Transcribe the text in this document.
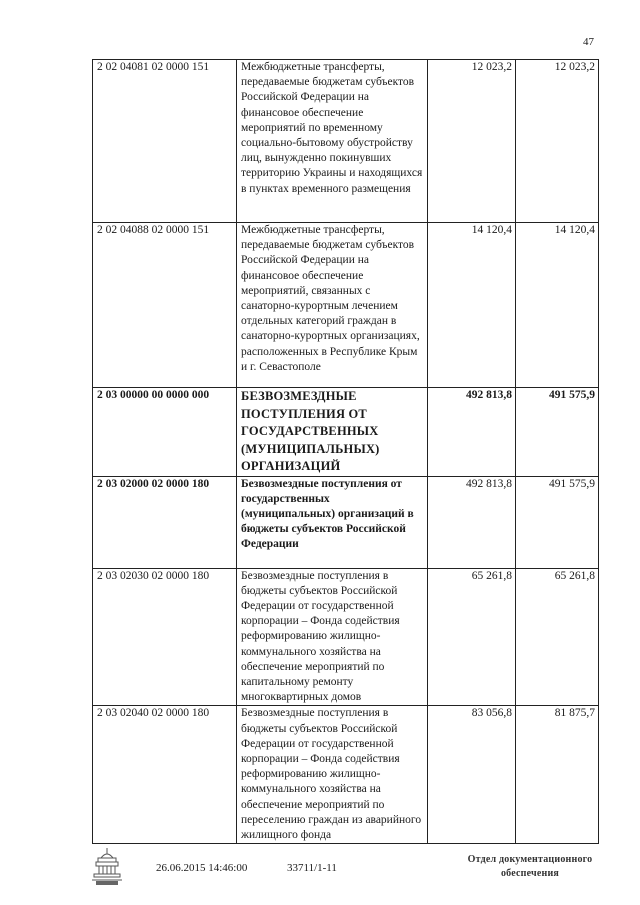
47
2 02 04081 02 0000 151	Межбюджетные трансферты, передаваемые бюджетам субъектов Российской Федерации на финансовое обеспечение мероприятий по временному социально-бытовому обустройству лиц, вынужденно покинувших территорию Украины и находящихся в пунктах временного размещения	12 023,2	12 023,2
2 02 04088 02 0000 151	Межбюджетные трансферты, передаваемые бюджетам субъектов Российской Федерации на финансовое обеспечение мероприятий, связанных с санаторно-курортным лечением отдельных категорий граждан в санаторно-курортных организациях, расположенных в Республике Крым и г. Севастополе	14 120,4	14 120,4
2 03 00000 00 0000 000	БЕЗВОЗМЕЗДНЫЕ ПОСТУПЛЕНИЯ ОТ ГОСУДАРСТВЕННЫХ (МУНИЦИПАЛЬНЫХ) ОРГАНИЗАЦИЙ	492 813,8	491 575,9
2 03 02000 02 0000 180	Безвозмездные поступления от государственных (муниципальных) организаций в бюджеты субъектов Российской Федерации	492 813,8	491 575,9
2 03 02030 02 0000 180	Безвозмездные поступления в бюджеты субъектов Российской Федерации от государственной корпорации – Фонда содействия реформированию жилищно-коммунального хозяйства на обеспечение мероприятий по капитальному ремонту многоквартирных домов	65 261,8	65 261,8
2 03 02040 02 0000 180	Безвозмездные поступления в бюджеты субъектов Российской Федерации от государственной корпорации – Фонда содействия реформированию жилищно-коммунального хозяйства на обеспечение мероприятий по переселению граждан из аварийного жилищного фонда	83 056,8	81 875,7
26.06.2015 14:46:00	33711/1-11
Отдел документационного
обеспечения
